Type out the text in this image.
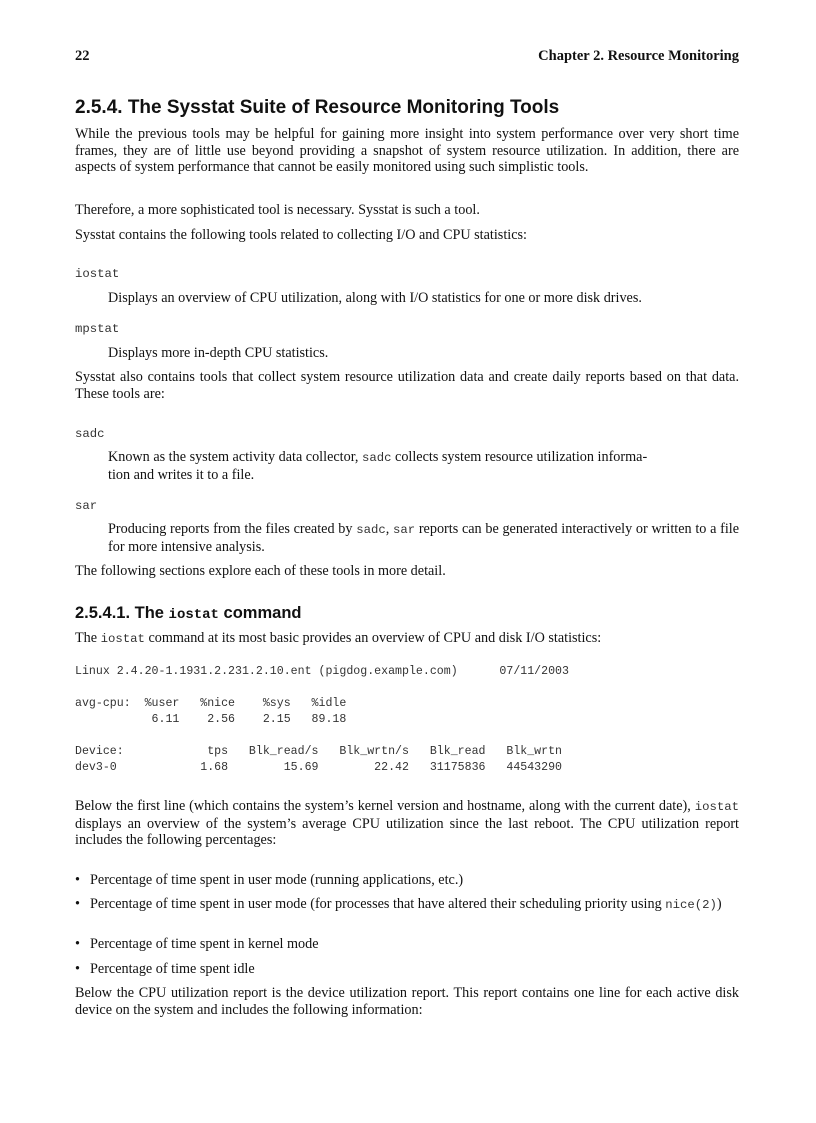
22	Chapter 2. Resource Monitoring
2.5.4. The Sysstat Suite of Resource Monitoring Tools

While the previous tools may be helpful for gaining more insight into system performance over very short time frames, they are of little use beyond providing a snapshot of system resource utilization. In addition, there are aspects of system performance that cannot be easily monitored using such simplistic tools.

Therefore, a more sophisticated tool is necessary. Sysstat is such a tool.

Sysstat contains the following tools related to collecting I/O and CPU statistics:

iostat

Displays an overview of CPU utilization, along with I/O statistics for one or more disk drives.

mpstat

Displays more in-depth CPU statistics.

Sysstat also contains tools that collect system resource utilization data and create daily reports based on that data. These tools are:

sadc

Known as the system activity data collector, sadc collects system resource utilization informa-
tion and writes it to a file.

sar

Producing reports from the files created by sadc, sar reports can be generated interactively or written to a file for more intensive analysis.

The following sections explore each of these tools in more detail.

2.5.4.1. The iostat command

The iostat command at its most basic provides an overview of CPU and disk I/O statistics:

Linux 2.4.20-1.1931.2.231.2.10.ent (pigdog.example.com)      07/11/2003

avg-cpu:  %user   %nice    %sys   %idle
6.11    2.56    2.15   89.18

Device:            tps   Blk_read/s   Blk_wrtn/s   Blk_read   Blk_wrtn
dev3-0            1.68        15.69        22.42   31175836   44543290

Below the first line (which contains the system’s kernel version and hostname, along with the current date), iostat displays an overview of the system’s average CPU utilization since the last reboot. The CPU utilization report includes the following percentages:

• Percentage of time spent in user mode (running applications, etc.)
• Percentage of time spent in user mode (for processes that have altered their scheduling priority using nice(2))
• Percentage of time spent in kernel mode
• Percentage of time spent idle

Below the CPU utilization report is the device utilization report. This report contains one line for each active disk device on the system and includes the following information:
